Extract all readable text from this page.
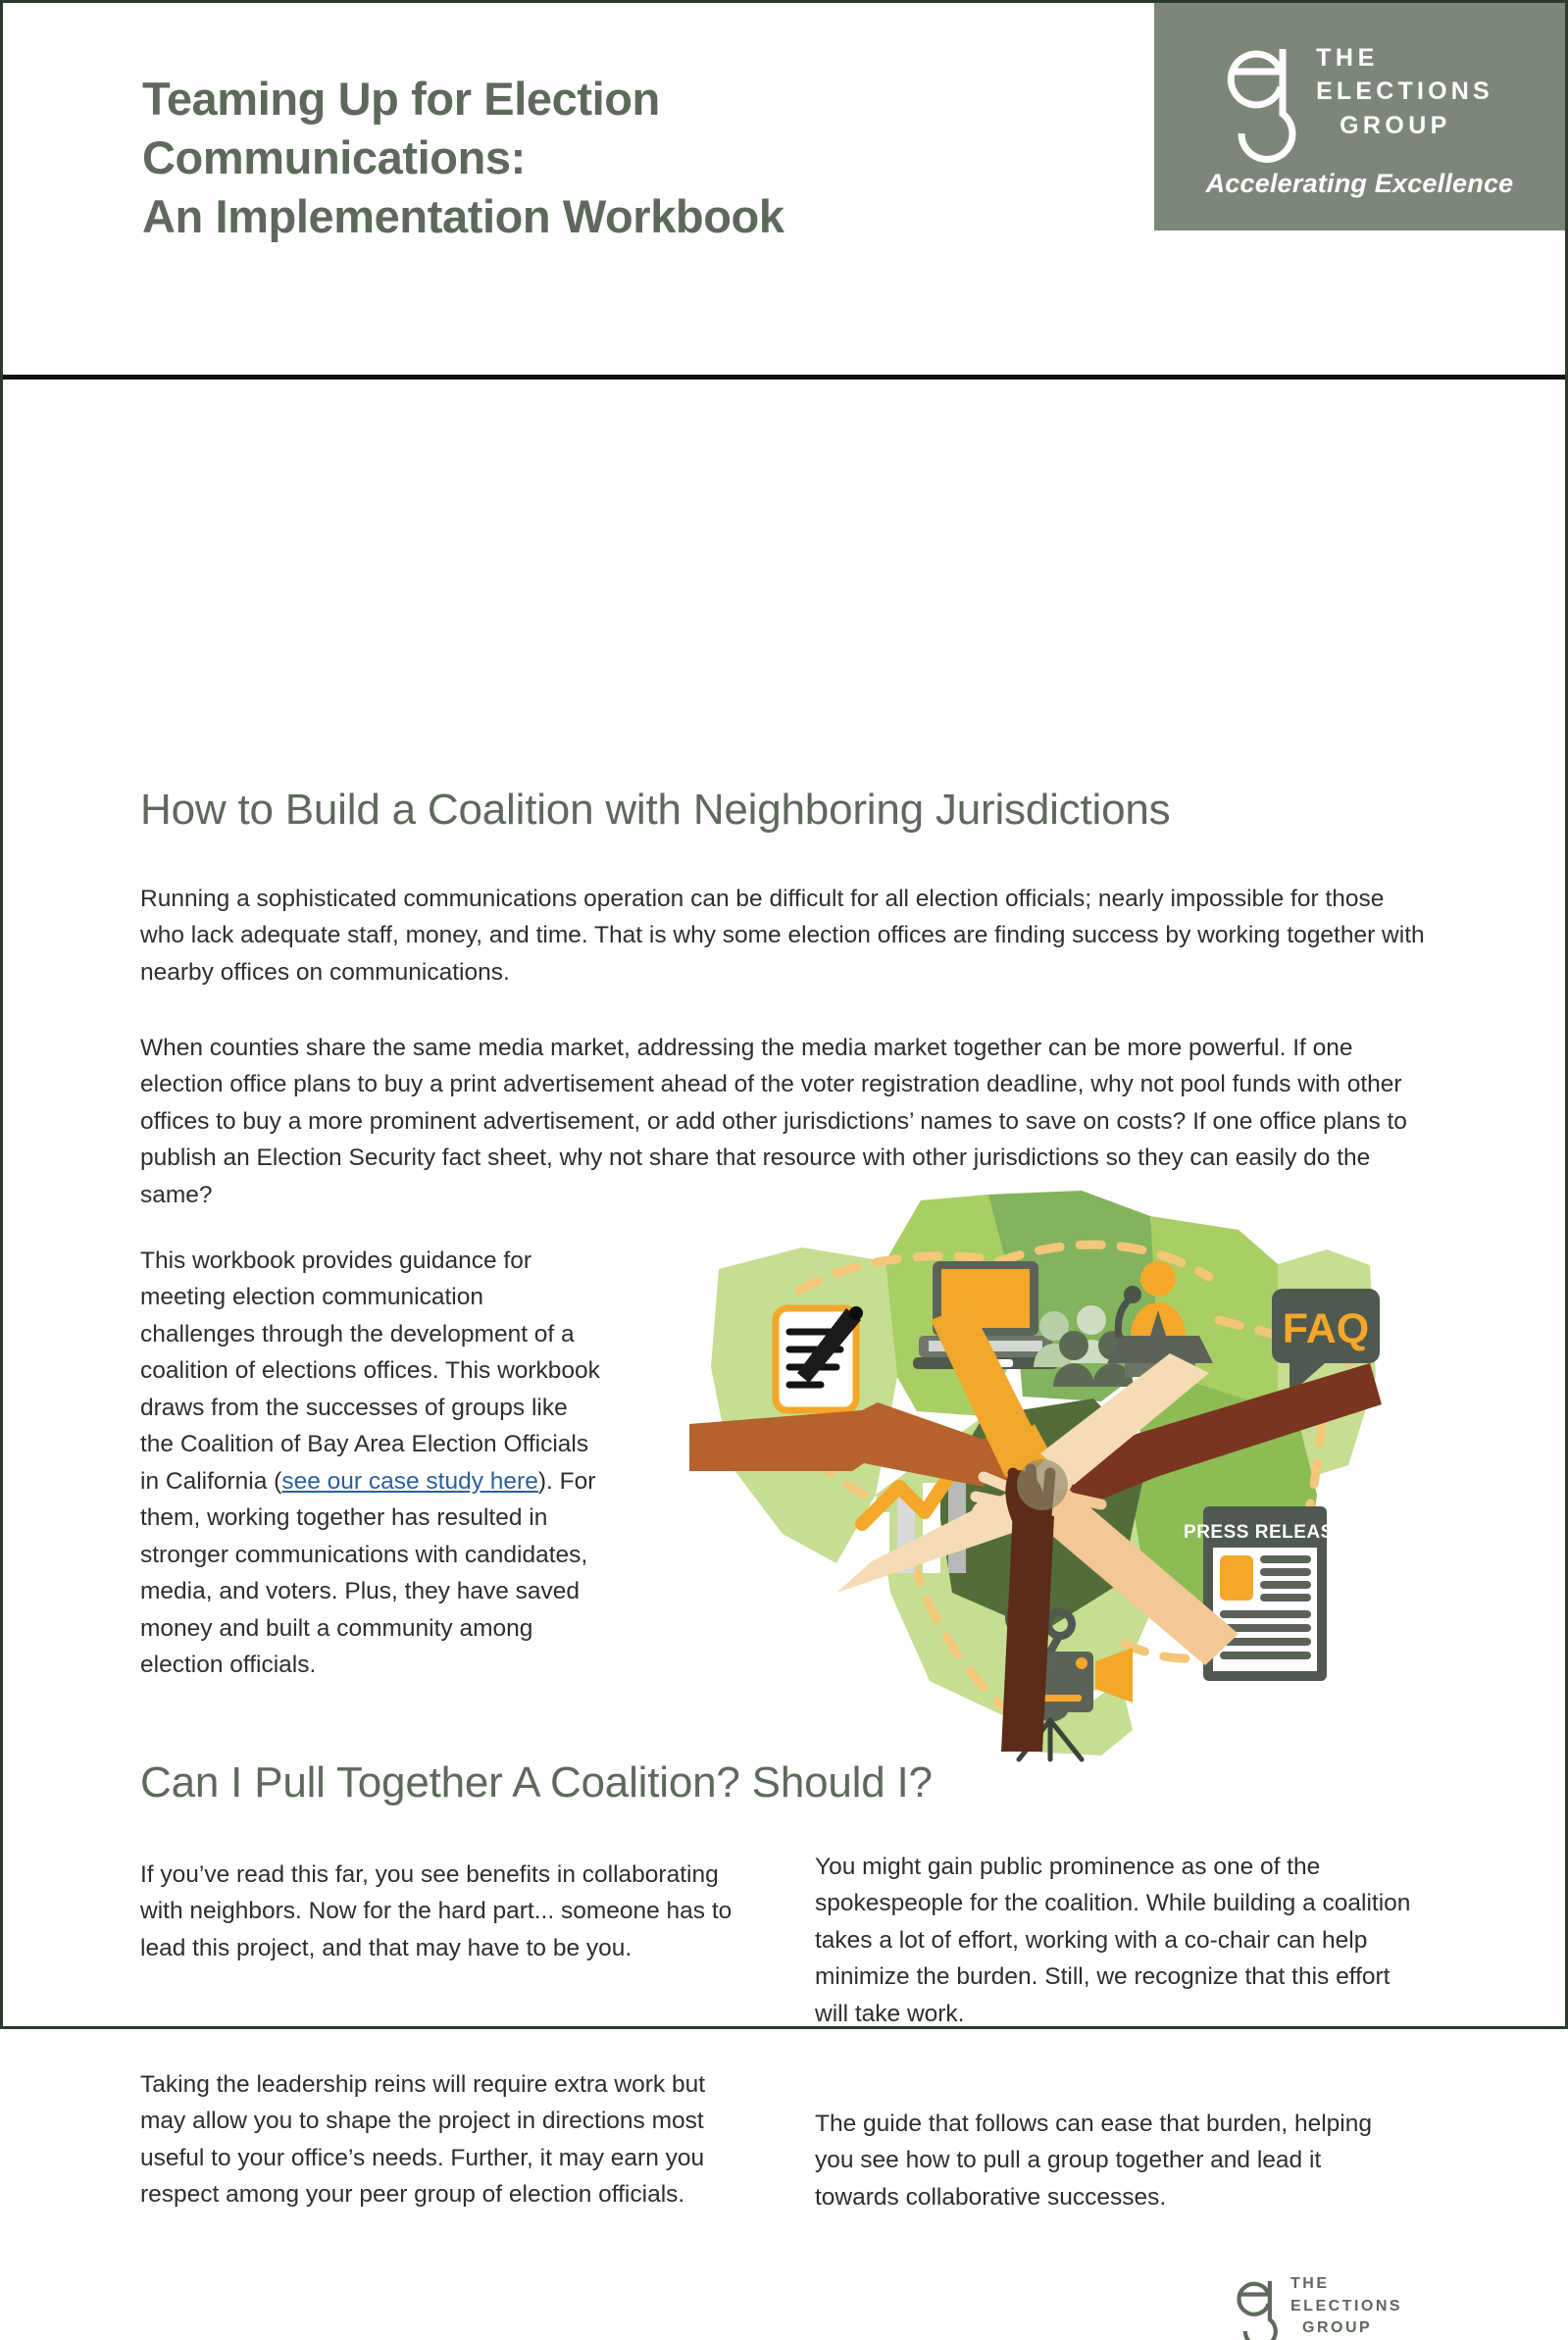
Teaming Up for Election
Communications:
An Implementation Workbook
THE
ELECTIONS
GROUP
Accelerating Excellence
How to Build a Coalition with Neighboring Jurisdictions

Running a sophisticated communications operation can be difficult for all election officials; nearly impossible for those who lack adequate staff, money, and time. That is why some election offices are finding success by working together with nearby offices on communications.

When counties share the same media market, addressing the media market together can be more powerful. If one election office plans to buy a print advertisement ahead of the voter registration deadline, why not pool funds with other offices to buy a more prominent advertisement, or add other jurisdictions’ names to save on costs? If one office plans to publish an Election Security fact sheet, why not share that resource with other jurisdictions so they can easily do the same?

This workbook provides guidance for meeting election communication challenges through the development of a coalition of elections offices. This workbook draws from the successes of groups like the Coalition of Bay Area Election Officials in California (see our case study here). For them, working together has resulted in stronger communications with candidates, media, and voters. Plus, they have saved money and built a community among election officials.

FAQ
PRESS RELEASE
Can I Pull Together A Coalition? Should I?

If you’ve read this far, you see benefits in collaborating with neighbors. Now for the hard part... someone has to lead this project, and that may have to be you.

Taking the leadership reins will require extra work but may allow you to shape the project in directions most useful to your office’s needs. Further, it may earn you respect among your peer group of election officials.

You might gain public prominence as one of the spokespeople for the coalition. While building a coalition takes a lot of effort, working with a co-chair can help minimize the burden. Still, we recognize that this effort will take work.

The guide that follows can ease that burden, helping you see how to pull a group together and lead it towards collaborative successes.

THE
ELECTIONS
GROUP
